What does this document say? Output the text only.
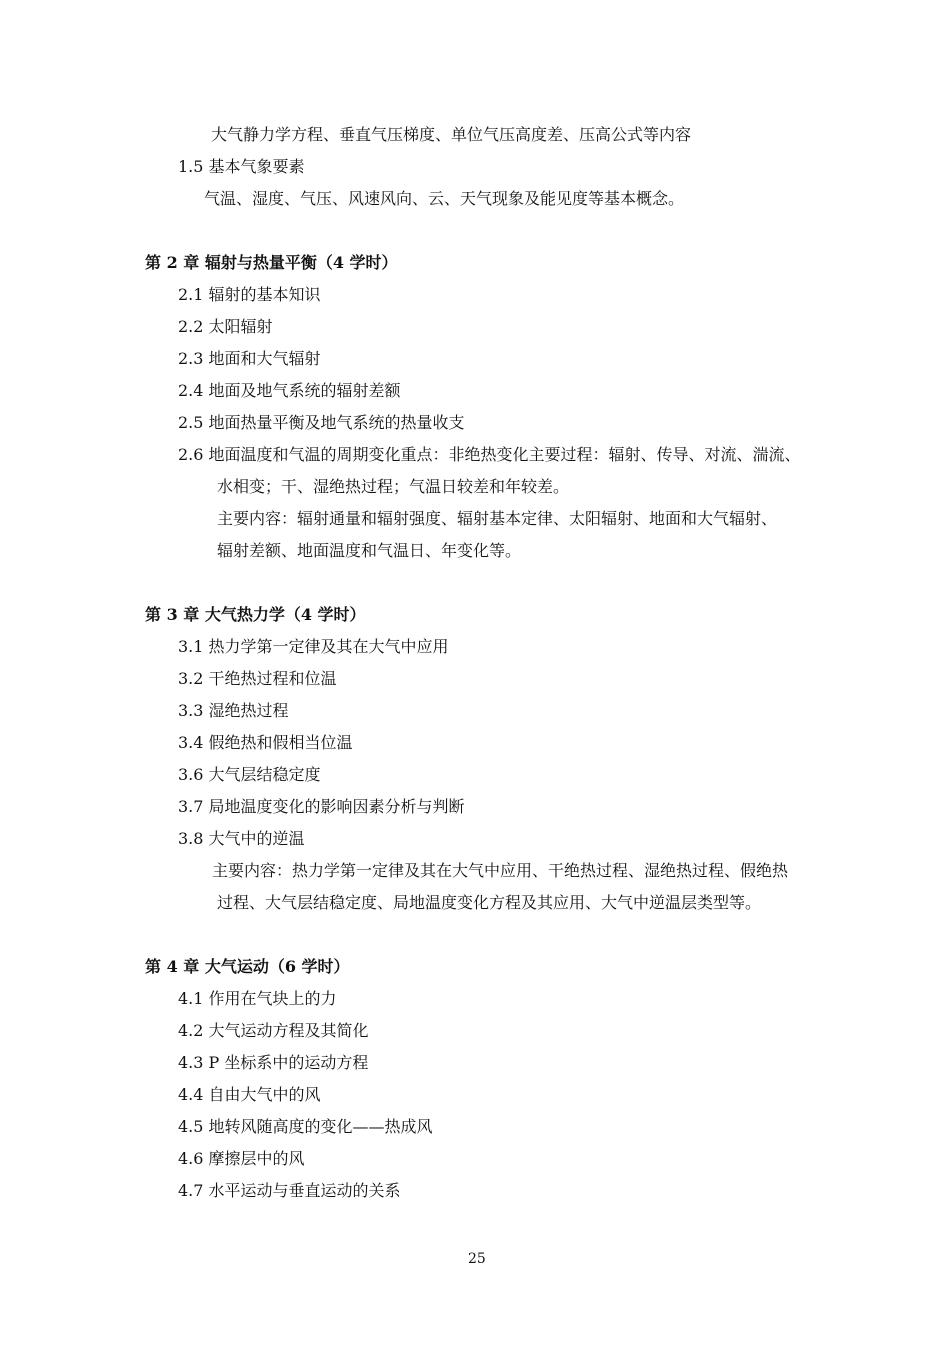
大气静力学方程、垂直气压梯度、单位气压高度差、压高公式等内容
1.5 基本气象要素
气温、湿度、气压、风速风向、云、天气现象及能见度等基本概念。
第 2 章 辐射与热量平衡（4 学时）
2.1 辐射的基本知识
2.2 太阳辐射
2.3 地面和大气辐射
2.4 地面及地气系统的辐射差额
2.5 地面热量平衡及地气系统的热量收支
2.6 地面温度和气温的周期变化重点：非绝热变化主要过程：辐射、传导、对流、湍流、
水相变；干、湿绝热过程；气温日较差和年较差。
主要内容：辐射通量和辐射强度、辐射基本定律、太阳辐射、地面和大气辐射、
辐射差额、地面温度和气温日、年变化等。
第 3 章 大气热力学（4 学时）
3.1 热力学第一定律及其在大气中应用
3.2 干绝热过程和位温
3.3 湿绝热过程
3.4 假绝热和假相当位温
3.6 大气层结稳定度
3.7 局地温度变化的影响因素分析与判断
3.8 大气中的逆温
主要内容：热力学第一定律及其在大气中应用、干绝热过程、湿绝热过程、假绝热
过程、大气层结稳定度、局地温度变化方程及其应用、大气中逆温层类型等。
第 4 章 大气运动（6 学时）
4.1 作用在气块上的力
4.2 大气运动方程及其简化
4.3 P 坐标系中的运动方程
4.4 自由大气中的风
4.5 地转风随高度的变化——热成风
4.6 摩擦层中的风
4.7 水平运动与垂直运动的关系
25
